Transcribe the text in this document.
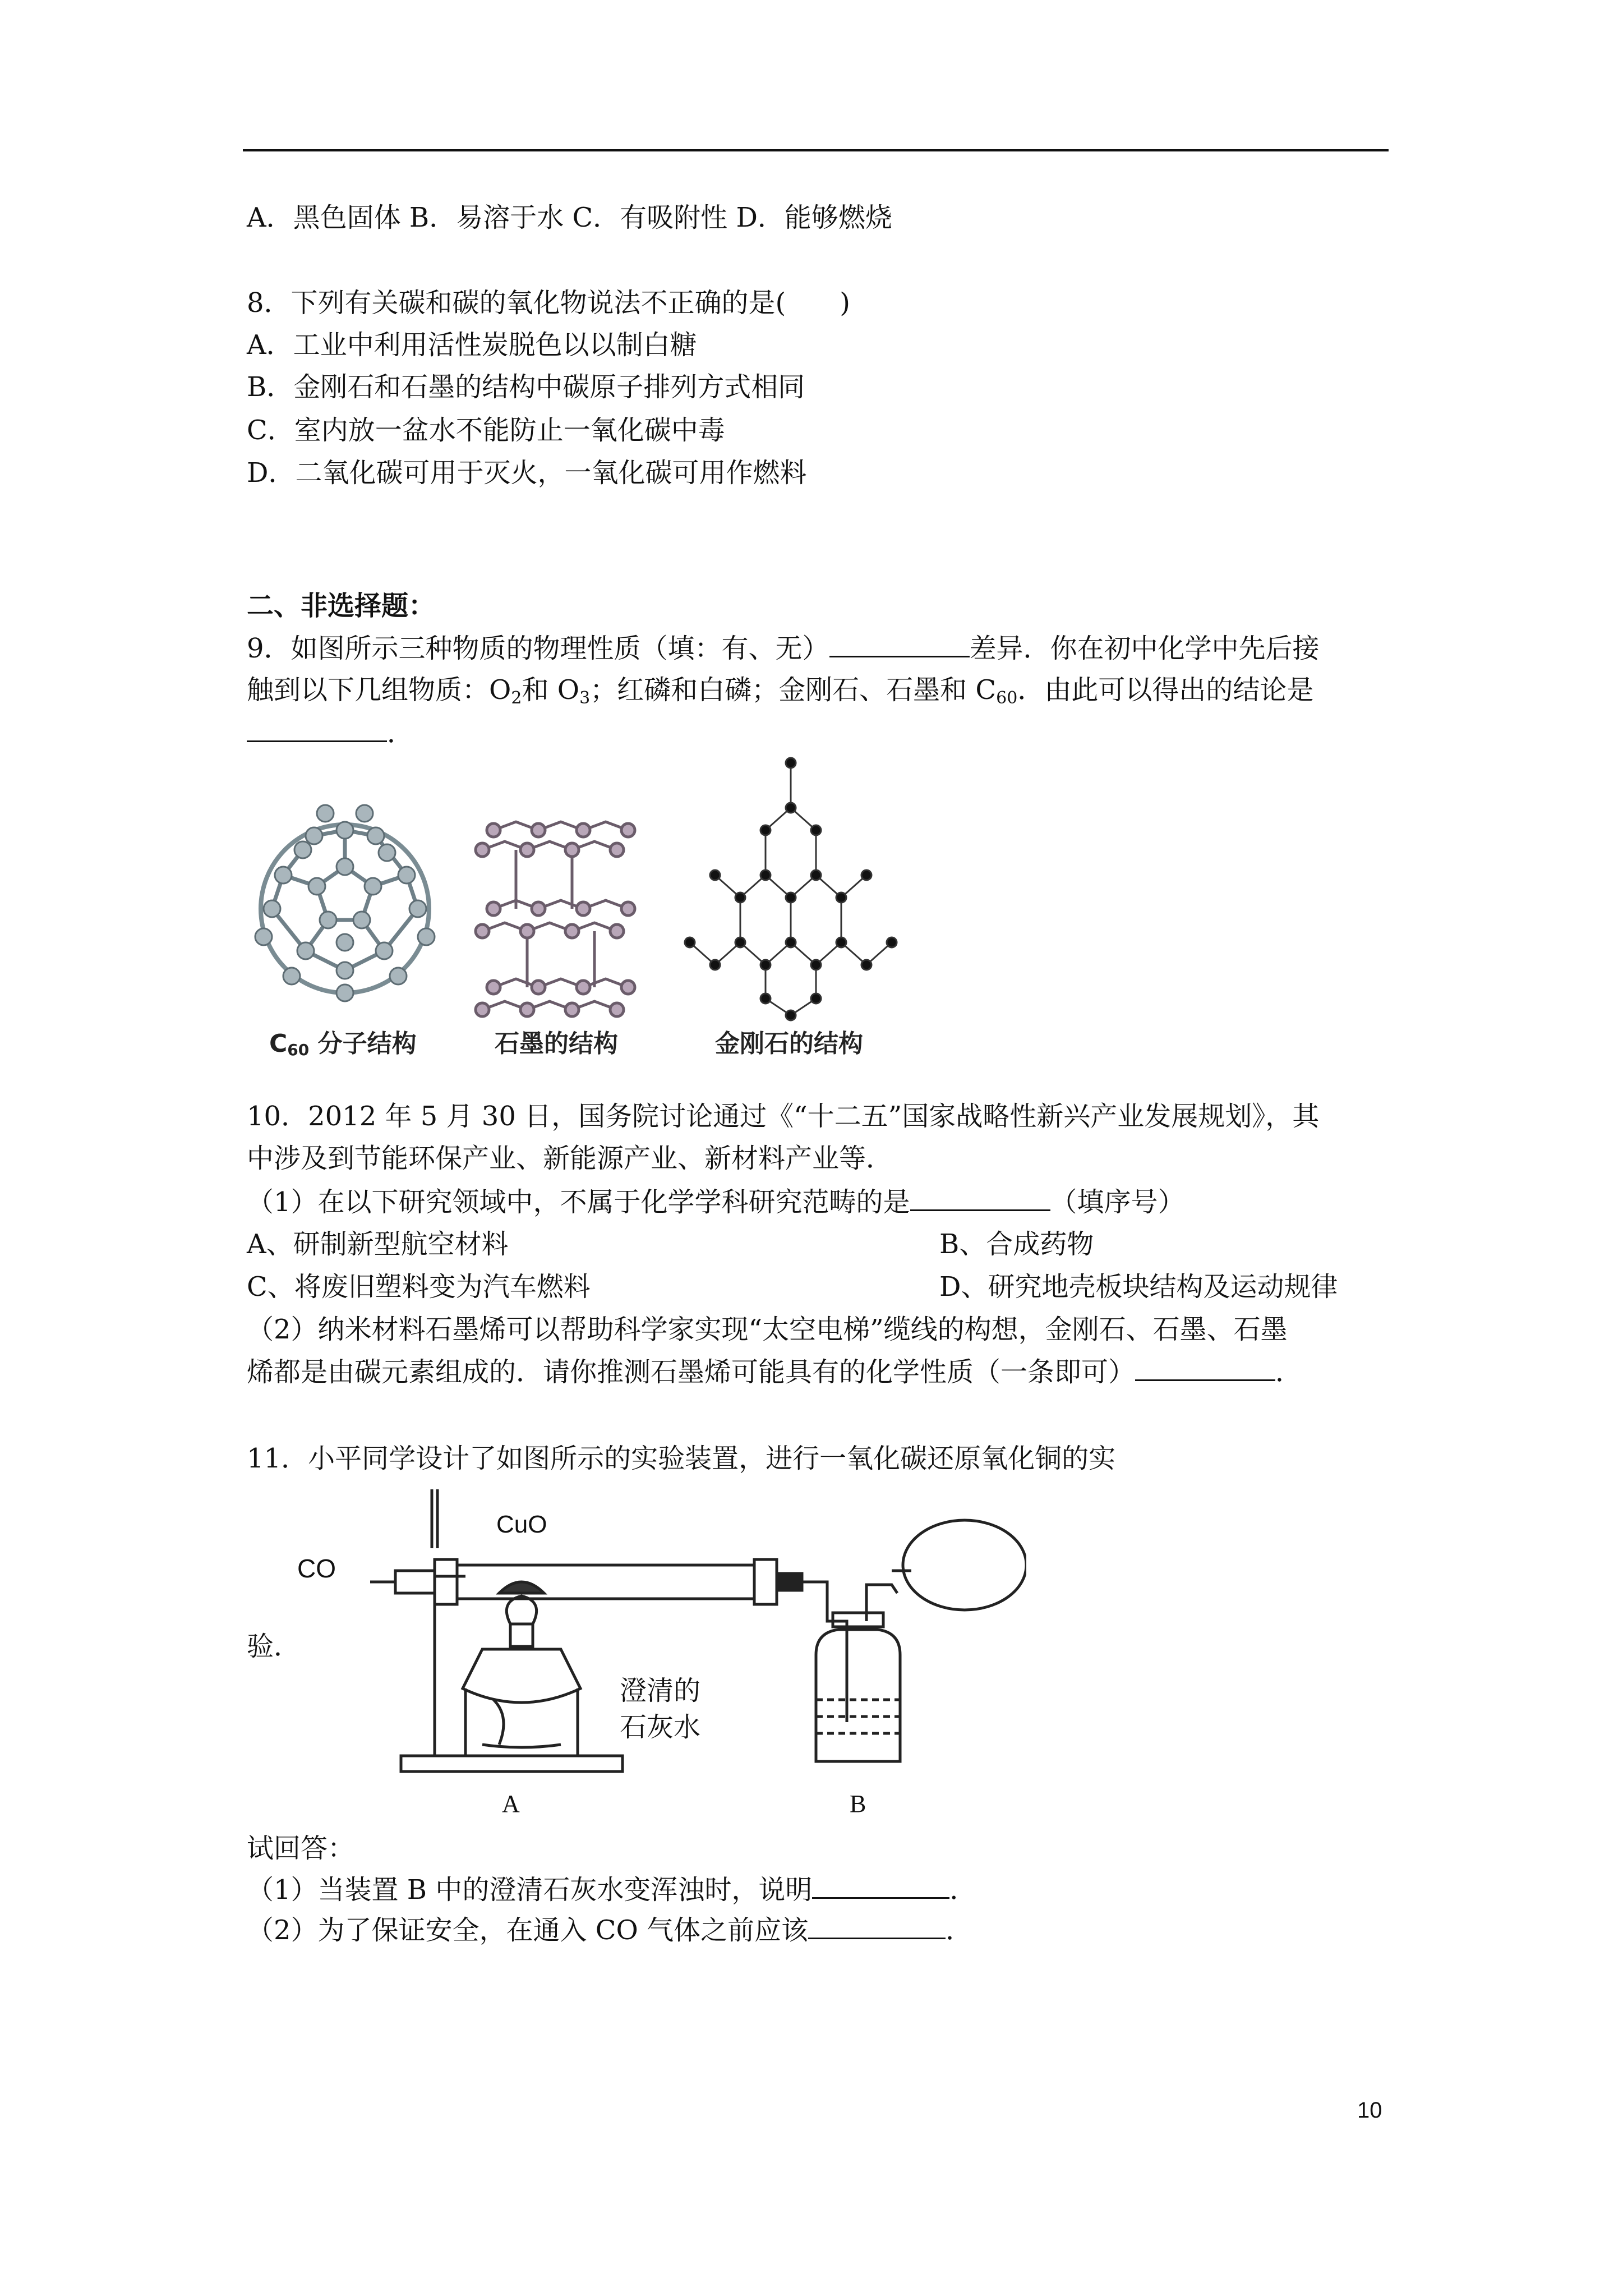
A．黑色固体 B．易溶于水 C．有吸附性 D．能够燃烧
8．下列有关碳和碳的氧化物说法不正确的是(　　)
A．工业中利用活性炭脱色以以制白糖
B．金刚石和石墨的结构中碳原子排列方式相同
C．室内放一盆水不能防止一氧化碳中毒
D．二氧化碳可用于灭火，一氧化碳可用作燃料
二、非选择题：
9．如图所示三种物质的物理性质（填：有、无）	差异．你在初中化学中先后接
触到以下几组物质：$O_2$和 $O_3$；红磷和白磷；金刚石、石墨和 $C_{60}$．由此可以得出的结论是
．
C60 分子结构	石墨的结构	金刚石的结构
10．2012 年 5 月 30 日，国务院讨论通过《“十二五”国家战略性新兴产业发展规划》，其
中涉及到节能环保产业、新能源产业、新材料产业等．
（1）在以下研究领域中，不属于化学学科研究范畴的是	（填序号）
A、研制新型航空材料	B、合成药物
C、将废旧塑料变为汽车燃料	D、研究地壳板块结构及运动规律
（2）纳米材料石墨烯可以帮助科学家实现“太空电梯”缆线的构想，金刚石、石墨、石墨
烯都是由碳元素组成的．请你推测石墨烯可能具有的化学性质（一条即可）	．
11．小平同学设计了如图所示的实验装置，进行一氧化碳还原氧化铜的实
验．
CO
CuO
澄清的
石灰水
A	B
试回答：
（1）当装置 B 中的澄清石灰水变浑浊时，说明	．
（2）为了保证安全，在通入 CO 气体之前应该	．
10
